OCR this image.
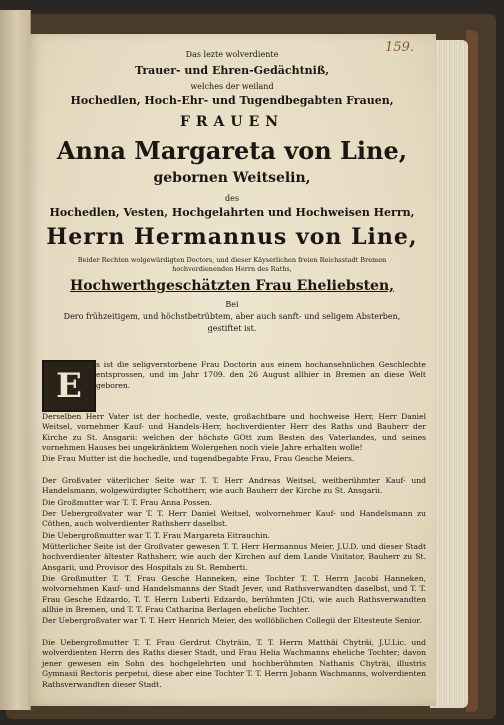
159.
Das lezte wolverdiente
Trauer- und Ehren-Gedächtniß,
welches der weiland
Hochedlen, Hoch-Ehr- und Tugendbegabten Frauen,
FRAUEN
Anna Margareta von Line,
gebornen Weitselin,
des
Hochedlen, Vesten, Hochgelahrten und Hochweisen Herrn,
Herrn Hermannus von Line,
Beider Rechten wolgewürdigten Doctors, und dieser Käyserlichen freien Reichsstadt Bremen
hochverdienenden Herrn des Raths,
Hochwerthgeschätzten Frau Eheliebsten,
Bei
Dero frühzeitigem, und höchstbetrübtem, aber auch sanft- und seligem Absterben,
gestiftet ist.
E
s ist die seligverstorbene Frau Doctorin aus einem hochansehnlichen Geschlechte entsprossen, und im Jahr 1709. den 26 August allhier in Bremen an diese Welt geboren.
Derselben Herr Vater ist der hochedle, veste, großachtbare und hochweise Herr, Herr Daniel Weitsel, vornehmer Kauf- und Handels-Herr, hochverdienter Herr des Raths und Bauherr der Kirche zu St. Ansgarii: welchen der höchste GOtt zum Besten des Vaterlandes, und seines vornehmen Hauses bei ungekränktem Wolergehen noch viele Jahre erhalten wolle!
Die Frau Mutter ist die hochedle, und tugendbegabte Frau, Frau Gesche Meiers.
Der Großvater väterlicher Seite war T. T. Herr Andreas Weitsel, weitberühmter Kauf- und Handelsmann, wolgewürdigter Schottherr, wie auch Bauherr der Kirche zu St. Ansgarii.
Die Großmutter war T. T. Frau Anna Possen.
Der Uebergroßvater war T. T. Herr Daniel Weitsel, wolvornehmer Kauf- und Handelsmann zu Cöthen, auch wolverdienter Rathsherr daselbst.
Die Uebergroßmutter war T. T. Frau Margareta Eitrauchin.
Mütterlicher Seite ist der Großvater gewesen T. T. Herr Hermannus Meier, J.U.D. und dieser Stadt hochverdienter ältester Rathsherr, wie auch der Kirchen auf dem Lande Visitator, Bauherr zu St. Ansgarii, und Provisor des Hospitals zu St. Remberti.
Die Großmutter T. T. Frau Gesche Hanneken, eine Tochter T. T. Herrn Jacobi Hanneken, wolvornehmen Kauf- und Handelsmanns der Stadt Jever, und Rathsverwandten daselbst, und T. T. Frau Gesche Edzardo, T. T. Herrn Luberti Edzardo, berühmten JCti, wie auch Rathsverwandten allhie in Bremen, und T. T. Frau Catharina Berlagen eheliche Tochter.
Der Uebergroßvater war T. T. Herr Henrich Meier, des wollöblichen Collegii der Eltesteute Senior.
Die Uebergroßmutter T. T. Frau Gerdrut Chyträin, T. T. Herrn Matthäi Chyträi, J.U.Lic. und wolverdienten Herrn des Raths dieser Stadt, und Frau Helia Wachmanns eheliche Tochter; davon jener gewesen ein Sohn des hochgelehrten und hochberühmten Nathanis Chyträi, illustris Gymnasii Rectoris perpetui, diese aber eine Tochter T. T. Herrn Johann Wachmanns, wolverdienten Rathsverwandten dieser Stadt.
